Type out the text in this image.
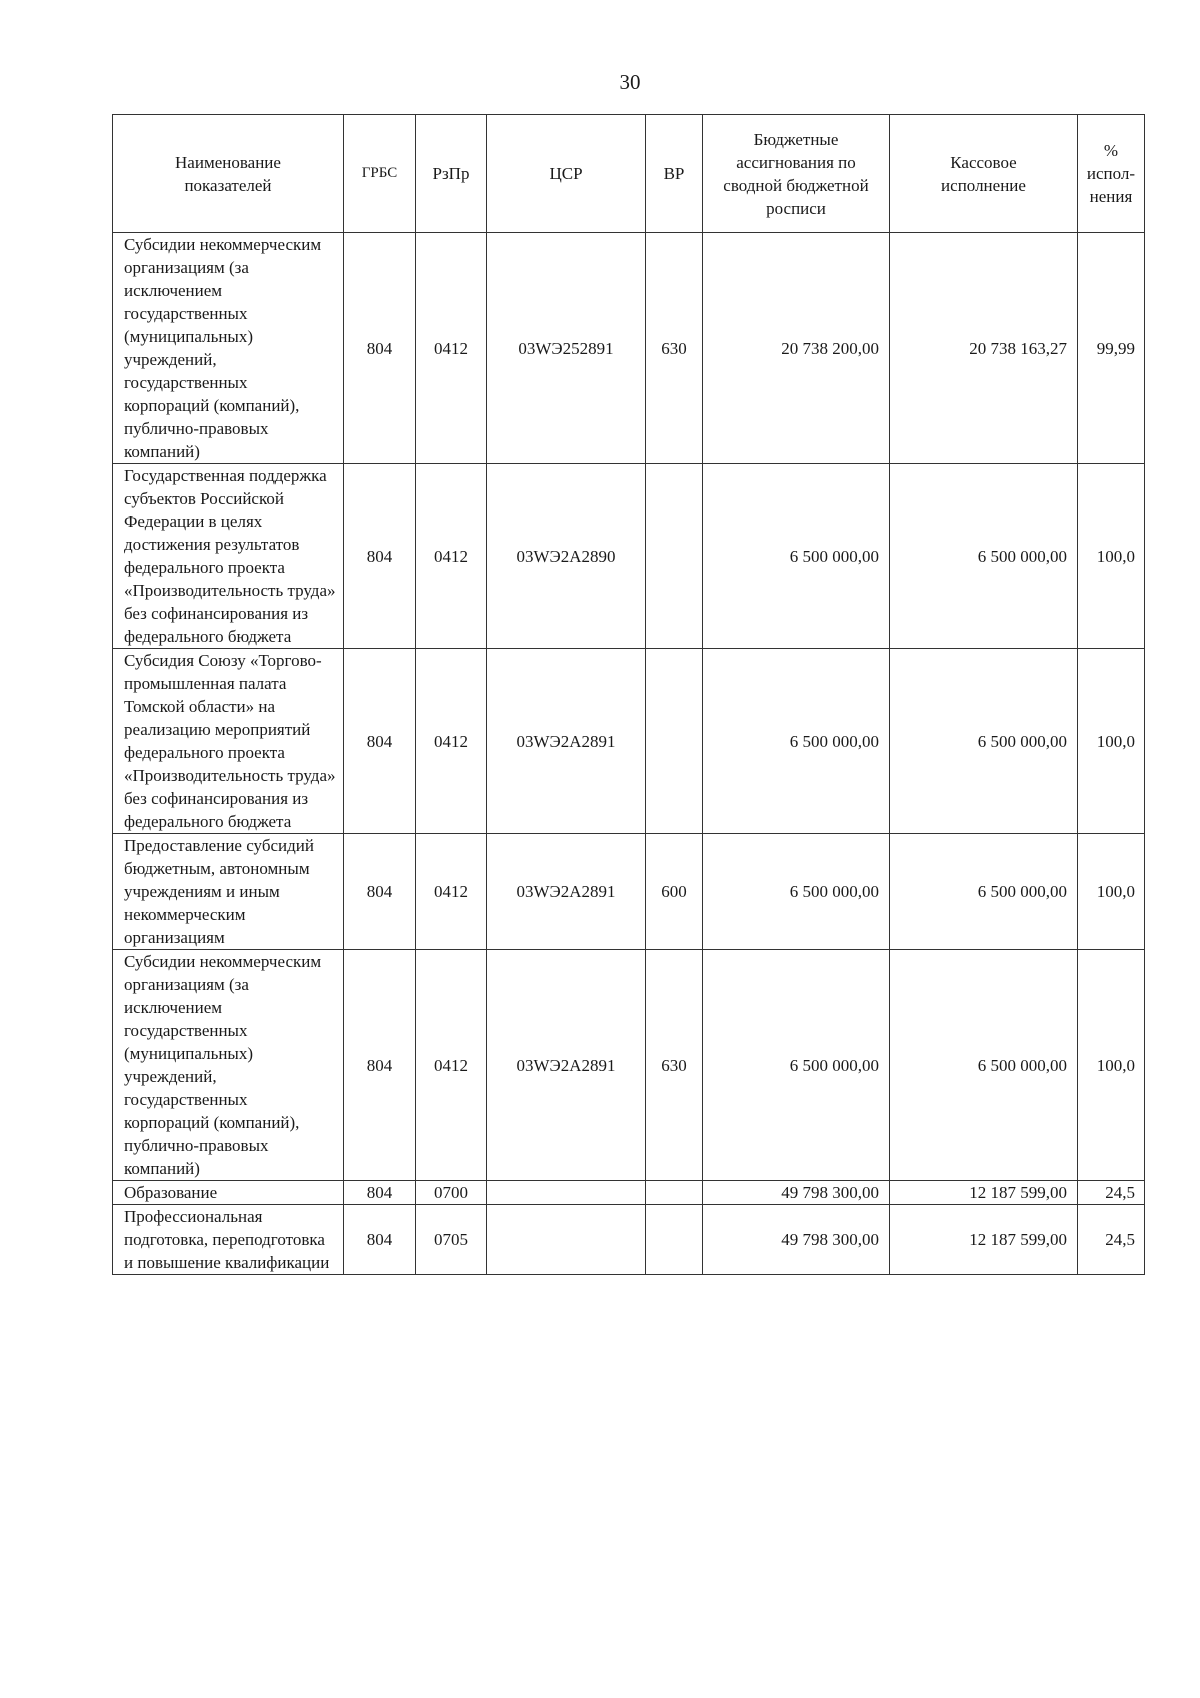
30
Наименование показателей	ГРБС	РзПр	ЦСР	ВР	Бюджетные ассигнования по сводной бюджетной росписи	Кассовое исполнение	% испол-нения
Субсидии некоммерческим организациям (за исключением государственных (муниципальных) учреждений, государственных корпораций (компаний), публично-правовых компаний)	804	0412	03WЭ252891	630	20 738 200,00	20 738 163,27	99,99
Государственная поддержка субъектов Российской Федерации в целях достижения результатов федерального проекта «Производительность труда» без софинансирования из федерального бюджета	804	0412	03WЭ2А2890		6 500 000,00	6 500 000,00	100,0
Субсидия Союзу «Торгово-промышленная палата Томской области» на реализацию мероприятий федерального проекта «Производительность труда» без софинансирования из федерального бюджета	804	0412	03WЭ2А2891		6 500 000,00	6 500 000,00	100,0
Предоставление субсидий бюджетным, автономным учреждениям и иным некоммерческим организациям	804	0412	03WЭ2А2891	600	6 500 000,00	6 500 000,00	100,0
Субсидии некоммерческим организациям (за исключением государственных (муниципальных) учреждений, государственных корпораций (компаний), публично-правовых компаний)	804	0412	03WЭ2А2891	630	6 500 000,00	6 500 000,00	100,0
Образование	804	0700			49 798 300,00	12 187 599,00	24,5
Профессиональная подготовка, переподготовка и повышение квалификации	804	0705			49 798 300,00	12 187 599,00	24,5
